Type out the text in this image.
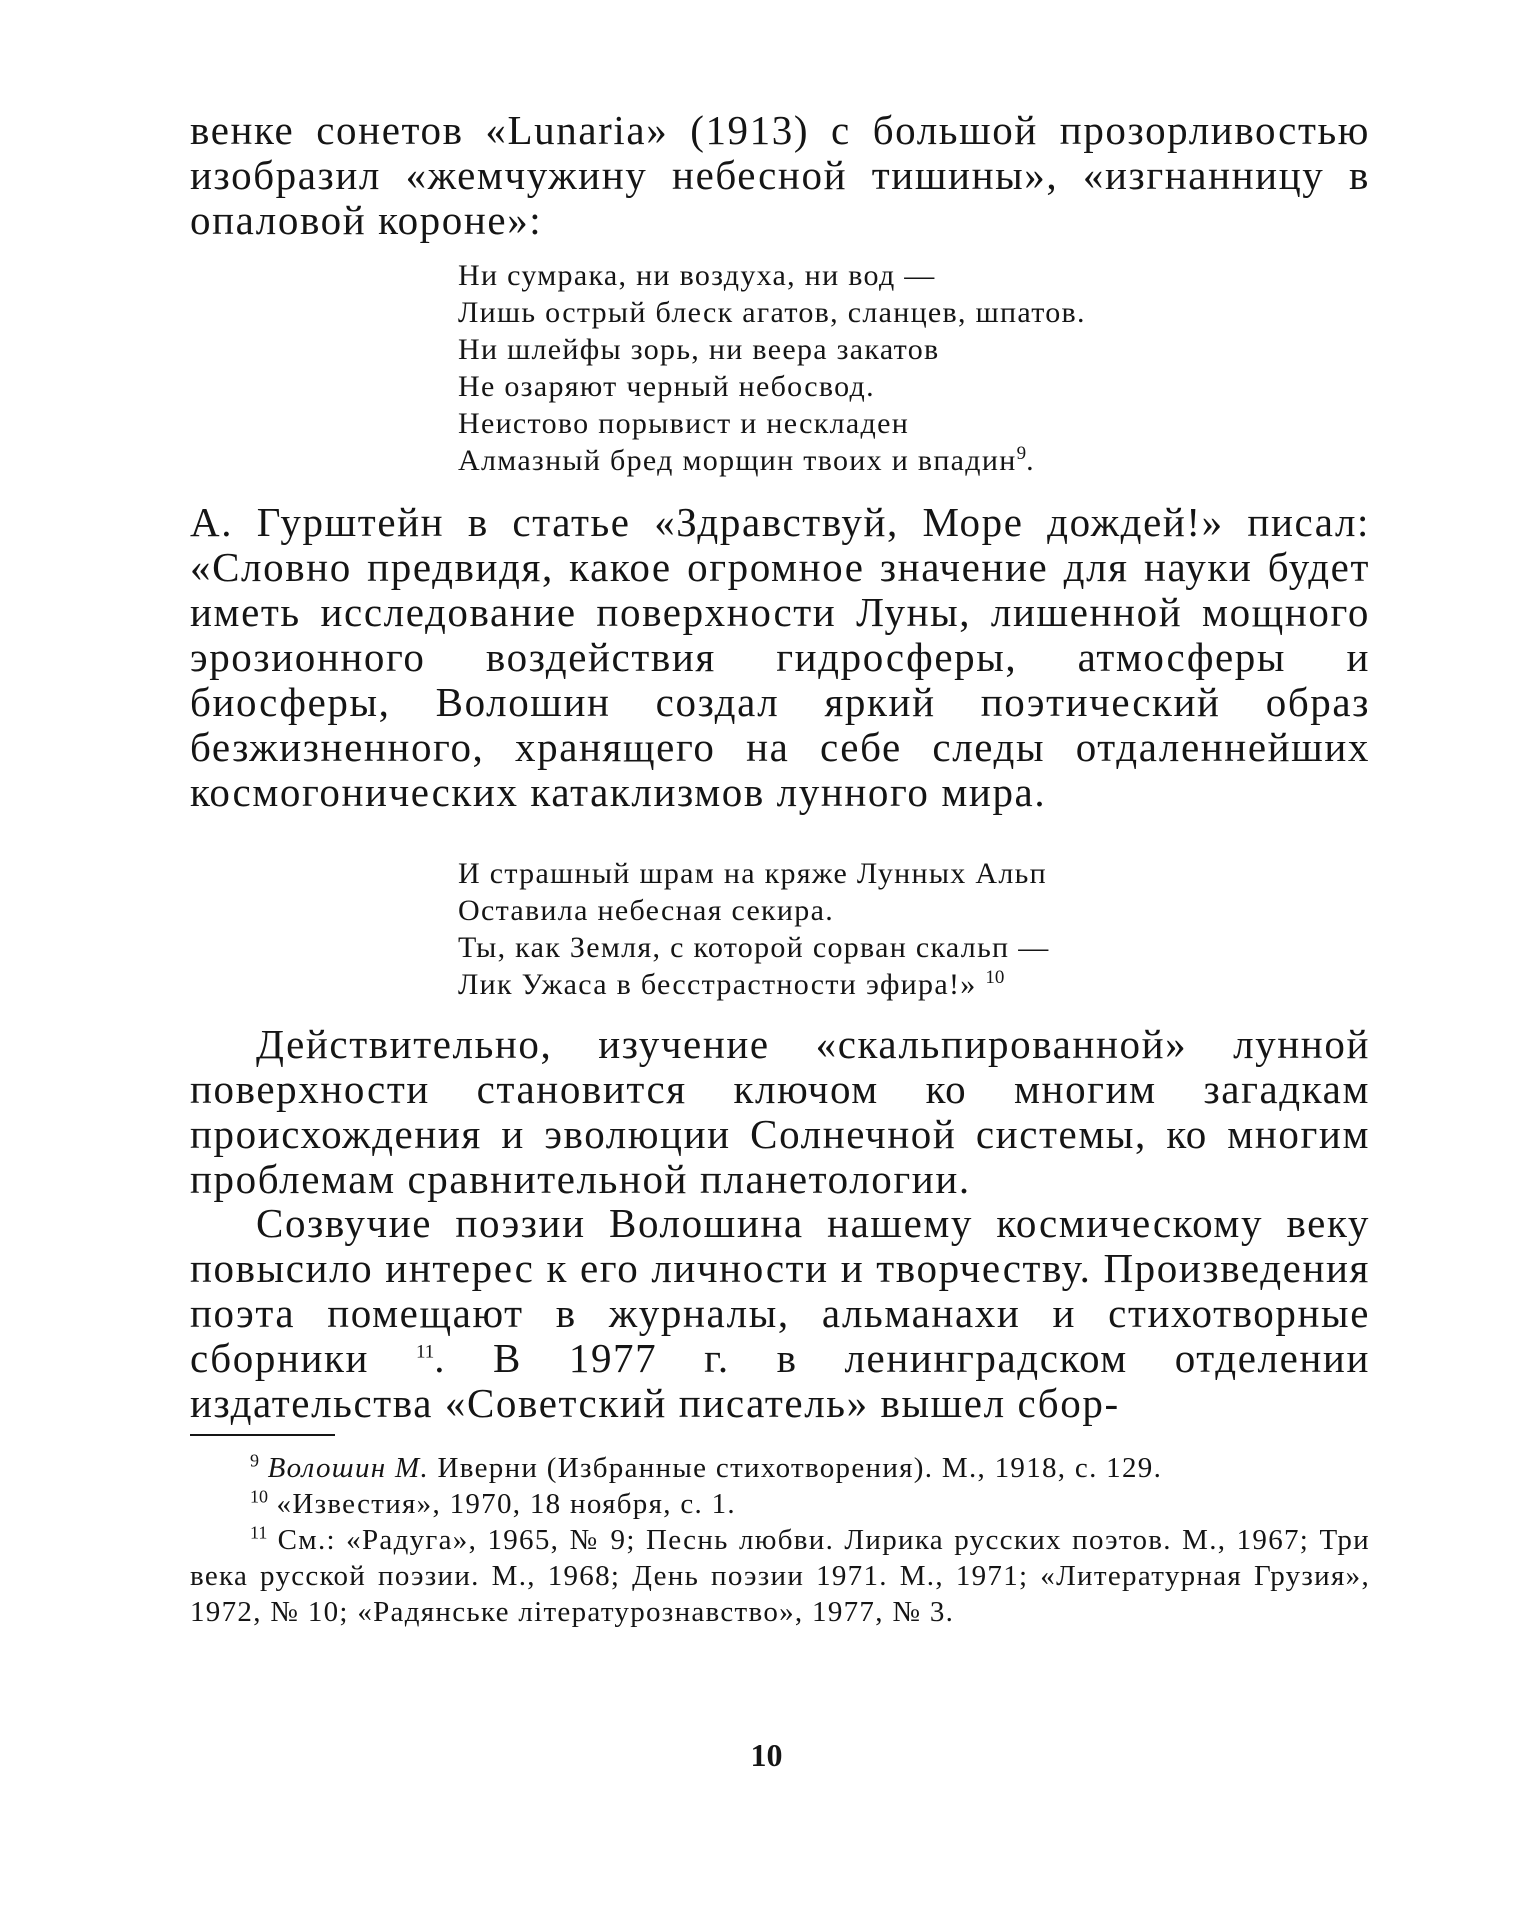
венке сонетов «Lunaria» (1913) с большой прозорливостью изобразил «жемчужину небесной тишины», «изгнанницу в опаловой короне»:

Ни сумрака, ни воздуха, ни вод —
Лишь острый блеск агатов, сланцев, шпатов.
Ни шлейфы зорь, ни веера закатов
Не озаряют черный небосвод.
Неистово порывист и нескладен
Алмазный бред морщин твоих и впадин$^9$.

А. Гурштейн в статье «Здравствуй, Море дождей!» писал: «Словно предвидя, какое огромное значение для науки будет иметь исследование поверхности Луны, лишенной мощного эрозионного воздействия гидросферы, атмосферы и биосферы, Волошин создал яркий поэтический образ безжизненного, хранящего на себе следы отдаленнейших космогонических катаклизмов лунного мира.

И страшный шрам на кряже Лунных Альп
Оставила небесная секира.
Ты, как Земля, с которой сорван скальп —
Лик Ужаса в бесстрастности эфира!» $^{10}$

Действительно, изучение «скальпированной» лунной поверхности становится ключом ко многим загадкам происхождения и эволюции Солнечной системы, ко многим проблемам сравнительной планетологии.

Созвучие поэзии Волошина нашему космическому веку повысило интерес к его личности и творчеству. Произведения поэта помещают в журналы, альманахи и стихотворные сборники $^{11}$. В 1977 г. в ленинградском отделении издательства «Советский писатель» вышел сбор-

$^9$ Волошин М. Иверни (Избранные стихотворения). М., 1918, с. 129.

$^{10}$ «Известия», 1970, 18 ноября, с. 1.

$^{11}$ См.: «Радуга», 1965, № 9; Песнь любви. Лирика русских поэтов. М., 1967; Три века русской поэзии. М., 1968; День поэзии 1971. М., 1971; «Литературная Грузия», 1972, № 10; «Радянське літературознавство», 1977, № 3.

10
